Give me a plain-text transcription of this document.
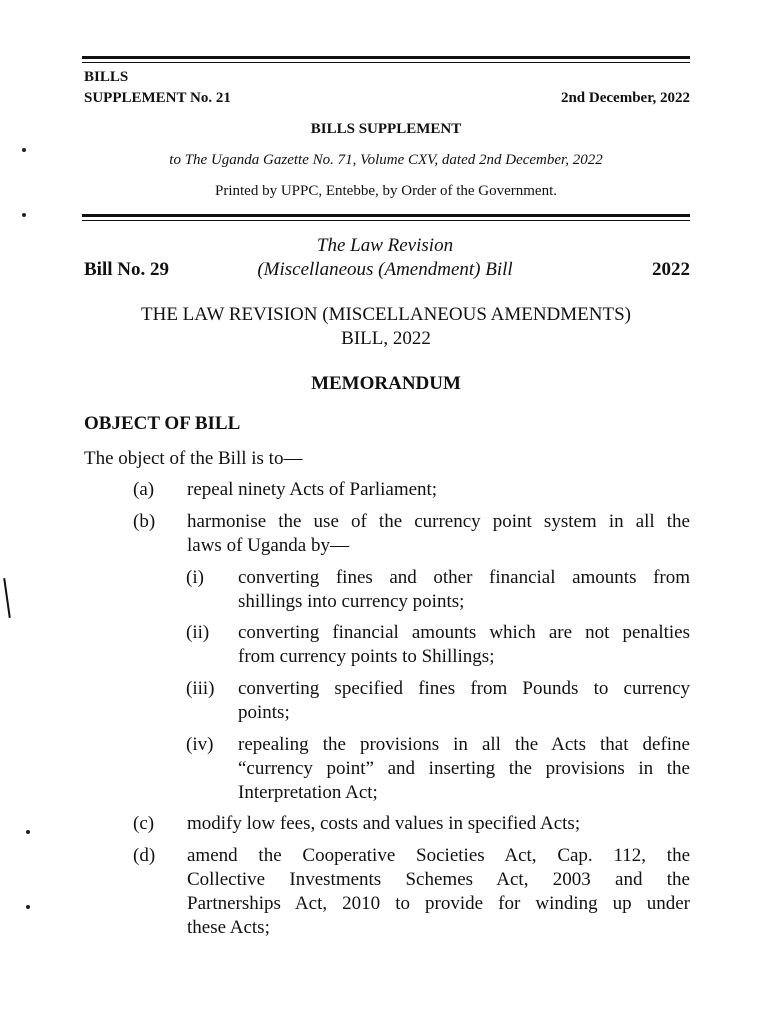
BILLS
SUPPLEMENT No. 21	2nd December, 2022
BILLS SUPPLEMENT
to The Uganda Gazette No. 71, Volume CXV, dated 2nd December, 2022
Printed by UPPC, Entebbe, by Order of the Government.
The Law Revision
Bill No. 29	(Miscellaneous (Amendment) Bill	2022
THE LAW REVISION (MISCELLANEOUS AMENDMENTS)
BILL, 2022
MEMORANDUM
OBJECT OF BILL
The object of the Bill is to—
(a) repeal ninety Acts of Parliament;
(b) harmonise the use of the currency point system in all the
laws of Uganda by—
(i) converting fines and other financial amounts from
shillings into currency points;
(ii) converting financial amounts which are not penalties
from currency points to Shillings;
(iii) converting specified fines from Pounds to currency
points;
(iv) repealing the provisions in all the Acts that define
“currency point” and inserting the provisions in the
Interpretation Act;
(c) modify low fees, costs and values in specified Acts;
(d) amend the Cooperative Societies Act, Cap. 112, the
Collective Investments Schemes Act, 2003 and the
Partnerships Act, 2010 to provide for winding up under
these Acts;
